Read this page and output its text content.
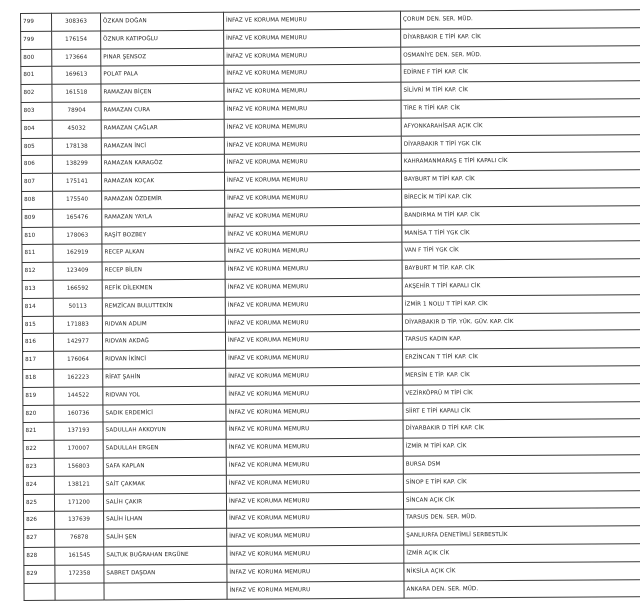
799	308363	ÖZKAN DOĞAN	İNFAZ VE KORUMA MEMURU	ÇORUM DEN. SER. MÜD.
799	176154	ÖZNUR KATIPOĞLU	İNFAZ VE KORUMA MEMURU	DİYARBAKIR E TİPİ KAP. CİK
800	173664	PINAR ŞENSOZ	İNFAZ VE KORUMA MEMURU	OSMANİYE DEN. SER. MÜD.
801	169613	POLAT PALA	İNFAZ VE KORUMA MEMURU	EDİRNE F TİPİ KAP. CİK
802	161518	RAMAZAN BİÇEN	İNFAZ VE KORUMA MEMURU	SİLİVRİ M TİPİ KAP. CİK
803	78904	RAMAZAN CURA	İNFAZ VE KORUMA MEMURU	TİRE R TİPİ KAP. CİK
804	45032	RAMAZAN ÇAĞLAR	İNFAZ VE KORUMA MEMURU	AFYONKARAHİSAR AÇIK CİK
805	178138	RAMAZAN İNCİ	İNFAZ VE KORUMA MEMURU	DİYARBAKIR T TİPİ YGK CİK
806	138299	RAMAZAN KARAGÖZ	İNFAZ VE KORUMA MEMURU	KAHRAMANMARAŞ E TİPİ KAPALI CİK
807	175141	RAMAZAN KOÇAK	İNFAZ VE KORUMA MEMURU	BAYBURT M TİPİ KAP. CİK
808	175540	RAMAZAN ÖZDEMİR	İNFAZ VE KORUMA MEMURU	BİRECİK M TİPİ KAP. CİK
809	165476	RAMAZAN YAYLA	İNFAZ VE KORUMA MEMURU	BANDIRMA M TİPİ KAP. CİK
810	178063	RAŞİT BOZBEY	İNFAZ VE KORUMA MEMURU	MANİSA T TİPİ YGK CİK
811	162919	RECEP ALKAN	İNFAZ VE KORUMA MEMURU	VAN F TİPİ YGK CİK
812	123409	RECEP BİLEN	İNFAZ VE KORUMA MEMURU	BAYBURT M TİP. KAP. CİK
813	166592	REFİK DİLEKMEN	İNFAZ VE KORUMA MEMURU	AKŞEHİR T TİPİ KAPALI CİK
814	50113	REMZİCAN BULUTTEKİN	İNFAZ VE KORUMA MEMURU	İZMİR 1 NOLU T TİPİ KAP. CİK
815	171883	RIDVAN ADLIM	İNFAZ VE KORUMA MEMURU	DİYARBAKIR D TİP. YÜK. GÜV. KAP. CİK
816	142977	RIDVAN AKDAĞ	İNFAZ VE KORUMA MEMURU	TARSUS KADIN KAP.
817	176064	RIDVAN İKİNCİ	İNFAZ VE KORUMA MEMURU	ERZİNCAN T TİPİ KAP. CİK
818	162223	RİFAT ŞAHİN	İNFAZ VE KORUMA MEMURU	MERSİN E TİP. KAP. CİK
819	144522	RIDVAN YOL	İNFAZ VE KORUMA MEMURU	VEZİRKÖPRÜ M TİPİ CİK
820	160736	SADIK ERDEMİCİ	İNFAZ VE KORUMA MEMURU	SİİRT E TİPİ KAPALI CİK
821	137193	SADULLAH AKKOYUN	İNFAZ VE KORUMA MEMURU	DİYARBAKIR D TİPİ KAP. CİK
822	170007	SADULLAH ERGEN	İNFAZ VE KORUMA MEMURU	İZMİR M TİPİ KAP. CİK
823	156803	SAFA KAPLAN	İNFAZ VE KORUMA MEMURU	BURSA DSM
824	138121	SAİT ÇAKMAK	İNFAZ VE KORUMA MEMURU	SİNOP E TİPİ KAP. CİK
825	171200	SALİH ÇAKIR	İNFAZ VE KORUMA MEMURU	SİNCAN AÇIK CİK
826	137639	SALİH İLHAN	İNFAZ VE KORUMA MEMURU	TARSUS DEN. SER. MÜD.
827	76878	SALİH ŞEN	İNFAZ VE KORUMA MEMURU	ŞANLIURFA DENETİMLİ SERBESTLİK
828	161545	SALTUK BUĞRAHAN ERGÜNE	İNFAZ VE KORUMA MEMURU	İZMİR AÇIK CİK
829	172358	SABRET DAŞDAN	İNFAZ VE KORUMA MEMURU	NİKSİLA AÇIK CİK
			İNFAZ VE KORUMA MEMURU	ANKARA DEN. SER. MÜD.
